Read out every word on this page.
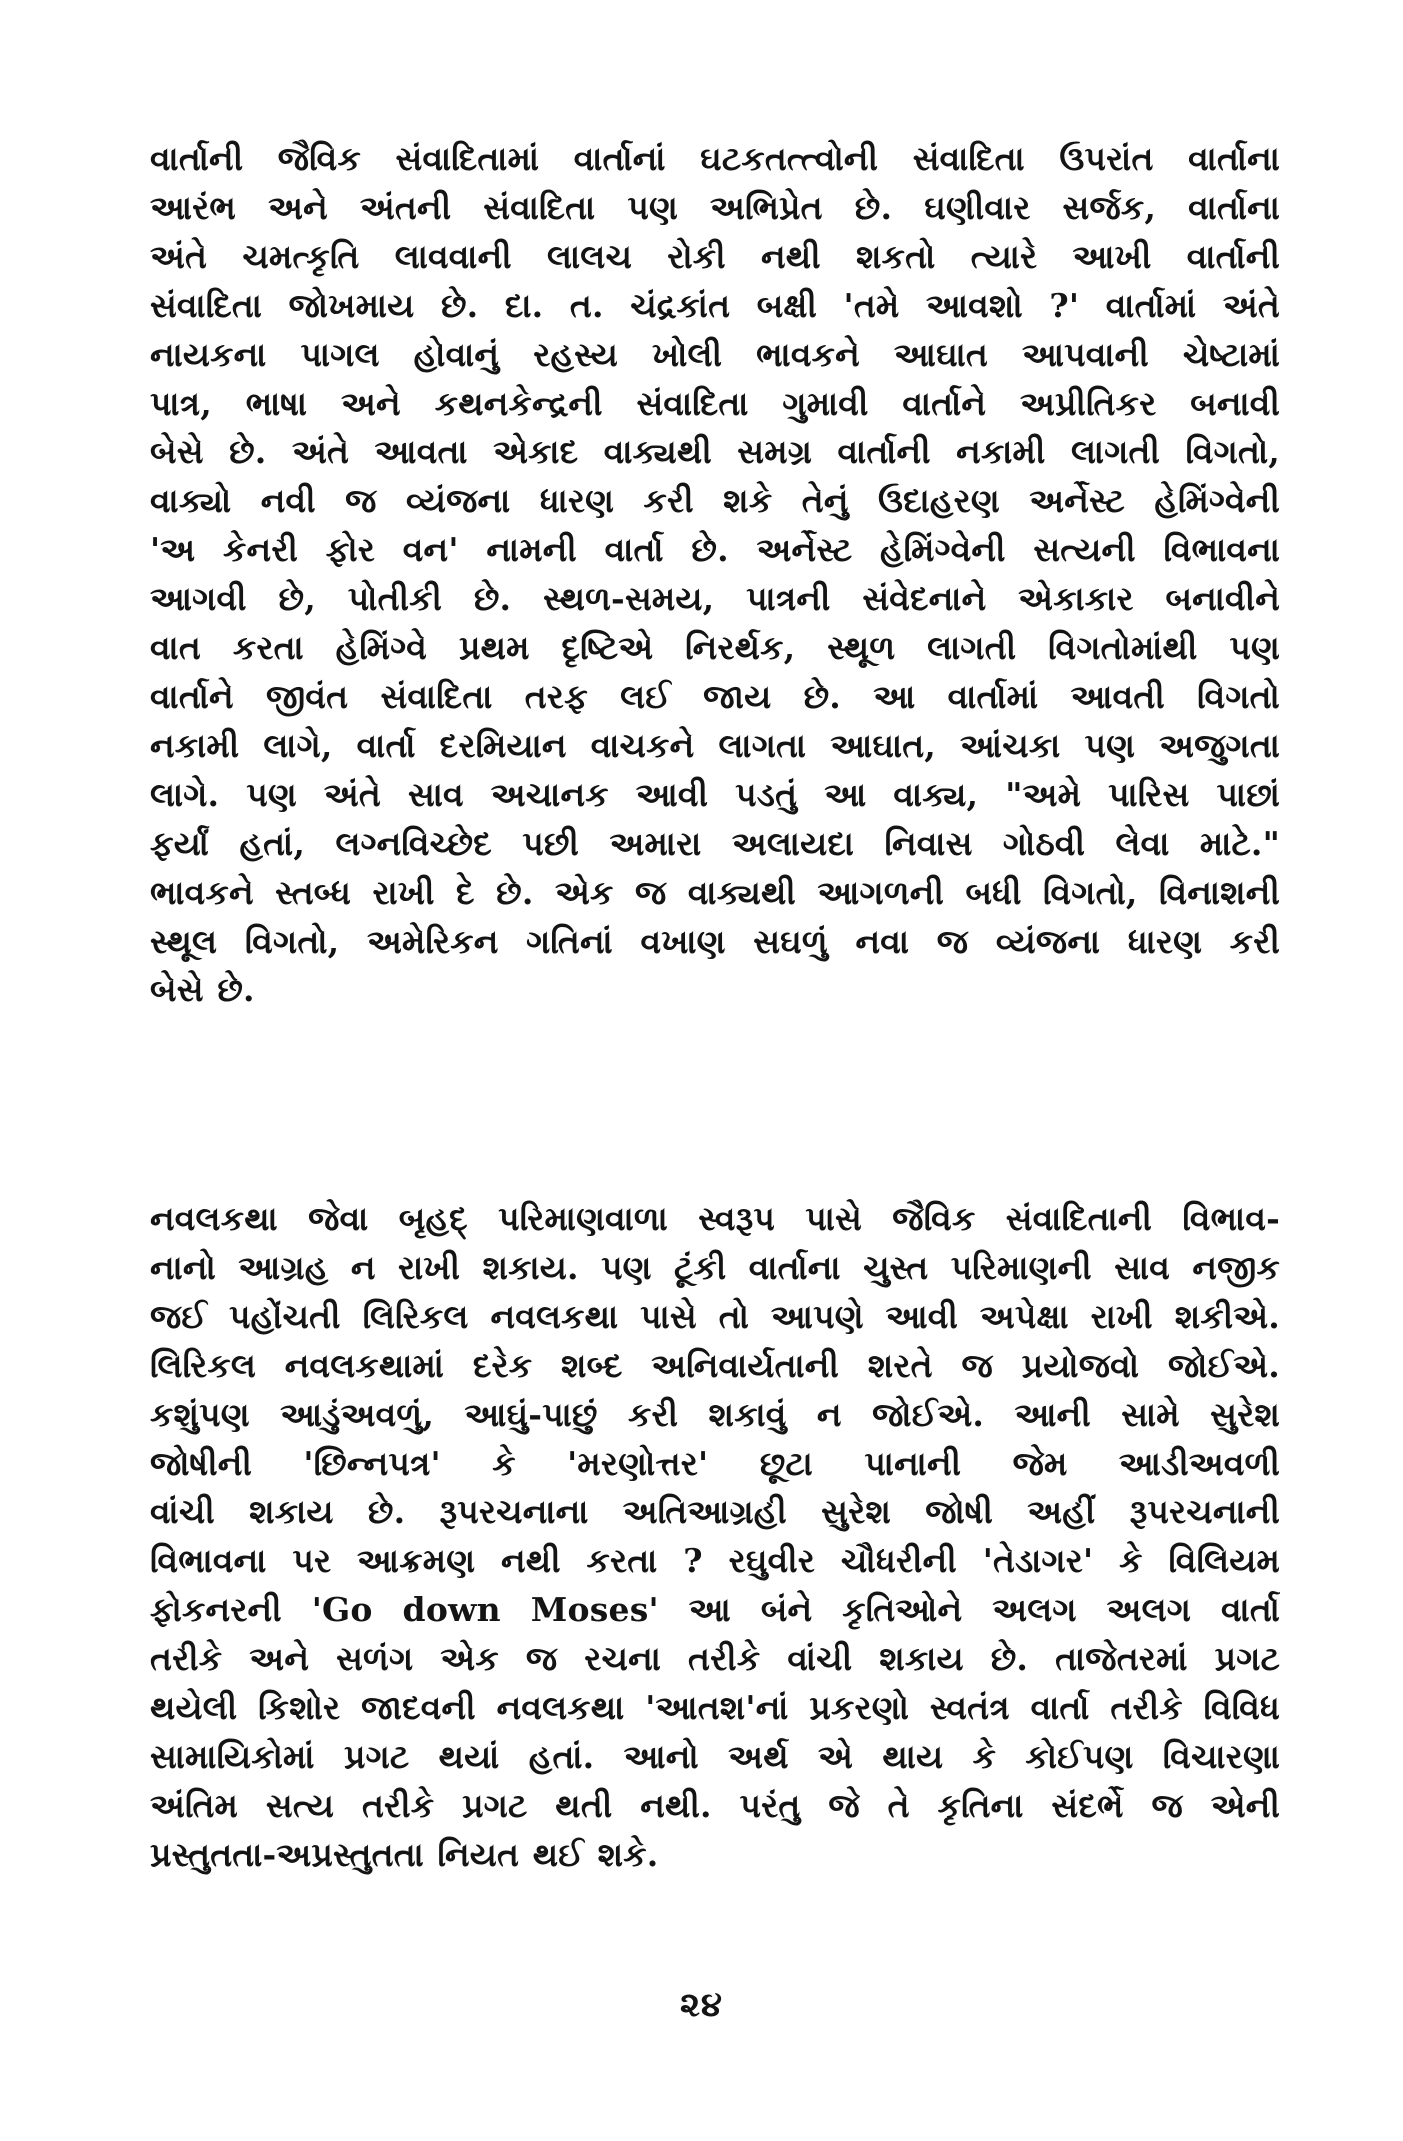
વાર્તાની જૈવિક સંવાદિતામાં વાર્તાનાં ઘટકતત્ત્વોની સંવાદિતા ઉપરાંત વાર્તાના
આરંભ અને અંતની સંવાદિતા પણ અભિપ્રેત છે. ઘણીવાર સર્જક, વાર્તાના
અંતે ચમત્કૃતિ લાવવાની લાલચ રોકી નથી શકતો ત્યારે આખી વાર્તાની
સંવાદિતા જોખમાય છે. દા. ત. ચંદ્રકાંત બક્ષી 'તમે આવશો ?' વાર્તામાં અંતે
નાયકના પાગલ હોવાનું રહસ્ય ખોલી ભાવકને આઘાત આપવાની ચેષ્ટામાં
પાત્ર, ભાષા અને કથનકેન્દ્રની સંવાદિતા ગુમાવી વાર્તાને અપ્રીતિકર બનાવી
બેસે છે. અંતે આવતા એકાદ વાક્યથી સમગ્ર વાર્તાની નકામી લાગતી વિગતો,
વાક્યો નવી જ વ્યંજના ધારણ કરી શકે તેનું ઉદાહરણ અર્નેસ્ટ હેમિંગ્વેની
'અ કેનરી ફોર વન' નામની વાર્તા છે. અર્નેસ્ટ હેમિંગ્વેની સત્યની વિભાવના
આગવી છે, પોતીકી છે. સ્થળ-સમય, પાત્રની સંવેદનાને એકાકાર બનાવીને
વાત કરતા હેમિંગ્વે પ્રથમ દૃષ્ટિએ નિરર્થક, સ્થૂળ લાગતી વિગતોમાંથી પણ
વાર્તાને જીવંત સંવાદિતા તરફ લઈ જાય છે. આ વાર્તામાં આવતી વિગતો
નકામી લાગે, વાર્તા દરમિયાન વાચકને લાગતા આઘાત, આંચકા પણ અજુગતા
લાગે. પણ અંતે સાવ અચાનક આવી પડતું આ વાક્ય, "અમે પારિસ પાછાં
ફર્યાં હતાં, લગ્નવિચ્છેદ પછી અમારા અલાયદા નિવાસ ગોઠવી લેવા માટે."
ભાવકને સ્તબ્ધ રાખી દે છે. એક જ વાક્યથી આગળની બધી વિગતો, વિનાશની
સ્થૂલ વિગતો, અમેરિકન ગતિનાં વખાણ સઘળું નવા જ વ્યંજના ધારણ કરી
બેસે છે.
નવલકથા જેવા બૃહદ્ પરિમાણવાળા સ્વરૂપ પાસે જૈવિક સંવાદિતાની વિભાવ-
નાનો આગ્રહ ન રાખી શકાય. પણ ટૂંકી વાર્તાના ચુસ્ત પરિમાણની સાવ નજીક
જઈ પહોંચતી લિરિકલ નવલકથા પાસે તો આપણે આવી અપેક્ષા રાખી શકીએ.
લિરિકલ નવલકથામાં દરેક શબ્દ અનિવાર્યતાની શરતે જ પ્રયોજવો જોઈએ.
કશુંપણ આડુંઅવળું, આઘું-પાછું કરી શકાવું ન જોઈએ. આની સામે સુરેશ
જોષીની 'છિન્નપત્ર' કે 'મરણોત્તર' છૂટા પાનાની જેમ આડીઅવળી
વાંચી શકાય છે. રૂપરચનાના અતિઆગ્રહી સુરેશ જોષી અહીં રૂપરચનાની
વિભાવના પર આક્રમણ નથી કરતા ? રઘુવીર ચૌધરીની 'તેડાગર' કે વિલિયમ
ફોકનરની 'Go down Moses' આ બંને કૃતિઓને અલગ અલગ વાર્તા
તરીકે અને સળંગ એક જ રચના તરીકે વાંચી શકાય છે. તાજેતરમાં પ્રગટ
થયેલી કિશોર જાદવની નવલકથા 'આતશ'નાં પ્રકરણો સ્વતંત્ર વાર્તા તરીકે વિવિધ
સામાયિકોમાં પ્રગટ થયાં હતાં. આનો અર્થ એ થાય કે કોઈપણ વિચારણા
અંતિમ સત્ય તરીકે પ્રગટ થતી નથી. પરંતુ જે તે કૃતિના સંદર્ભે જ એની
પ્રસ્તુતતા-અપ્રસ્તુતતા નિયત થઈ શકે.
૨૪
